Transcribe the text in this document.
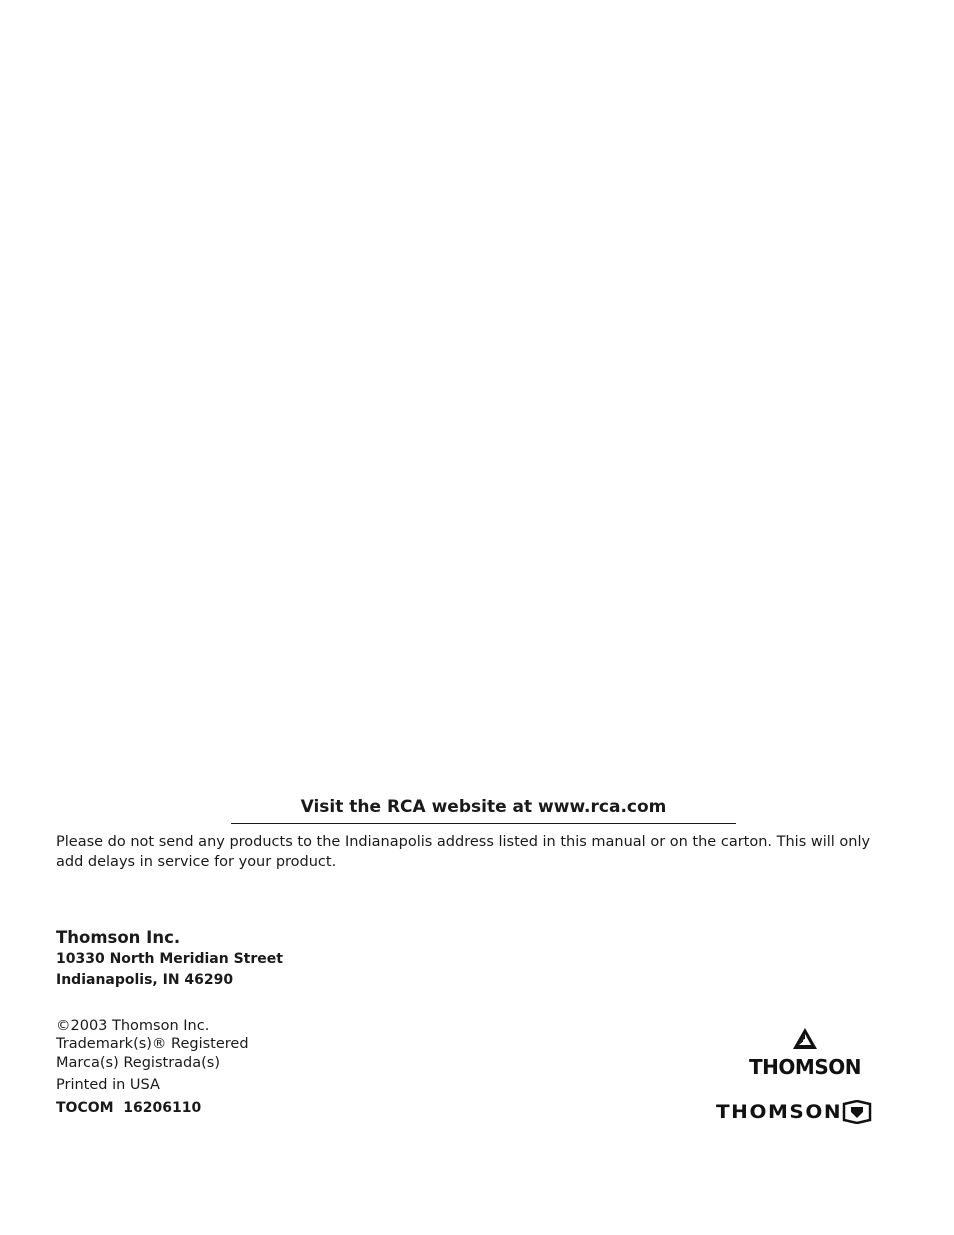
Visit the RCA website at www.rca.com
Please do not send any products to the Indianapolis address listed in this manual or on the carton. This will only add delays in service for your product.
Thomson Inc.
10330 North Meridian Street
Indianapolis, IN 46290
©2003 Thomson Inc.
Trademark(s)® Registered
Marca(s) Registrada(s)
Printed in USA
TOCOM  16206110
THOMSON
THOMSON
